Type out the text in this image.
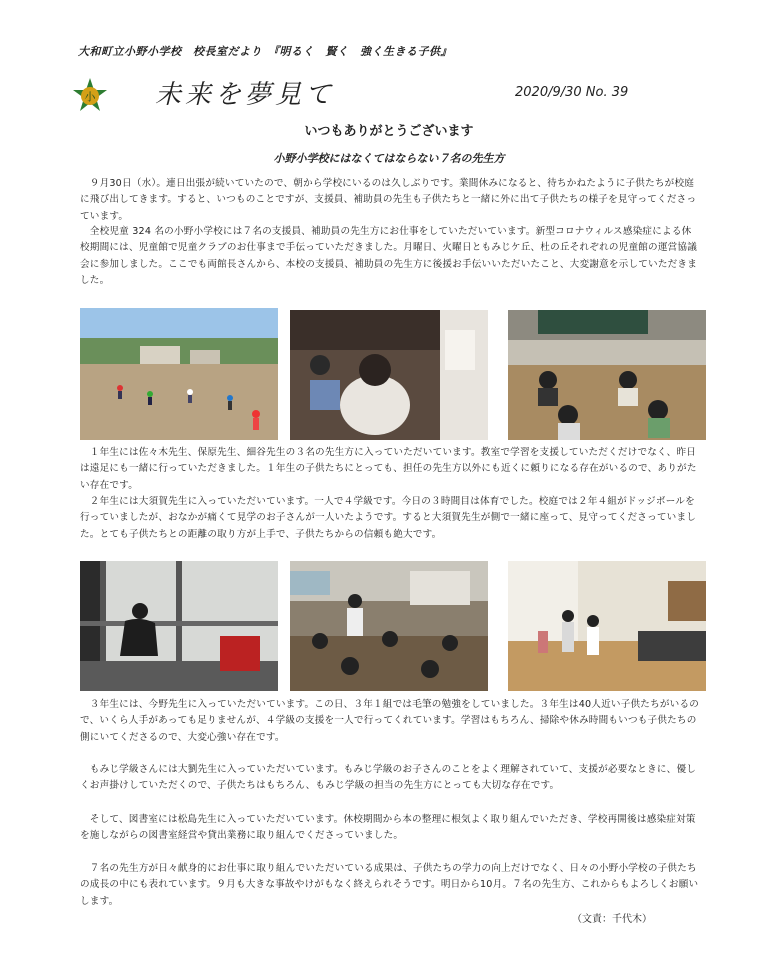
大和町立小野小学校　校長室だより　『明るく　賢く　強く生きる子供』
小 未来を夢見て	2020/9/30 No. 39
いつもありがとうございます
小野小学校にはなくてはならない７名の先生方
　９月30日（水）。連日出張が続いていたので、朝から学校にいるのは久しぶりです。業間休みになると、待ちかねたように子供たちが校庭に飛び出してきます。すると、いつものことですが、支援員、補助員の先生も子供たちと一緒に外に出て子供たちの様子を見守ってくださっています。
　全校児童 324 名の小野小学校には７名の支援員、補助員の先生方にお仕事をしていただいています。新型コロナウィルス感染症による休校期間には、児童館で児童クラブのお仕事まで手伝っていただきました。月曜日、火曜日ともみじケ丘、杜の丘それぞれの児童館の運営協議会に参加しました。ここでも両館長さんから、本校の支援員、補助員の先生方に後援お手伝いいただいたこと、大変謝意を示していただきました。
　１年生には佐々木先生、保原先生、細谷先生の３名の先生方に入っていただいています。教室で学習を支援していただくだけでなく、昨日は遠足にも一緒に行っていただきました。１年生の子供たちにとっても、担任の先生方以外にも近くに頼りになる存在がいるので、ありがたい存在です。
　２年生には大須賀先生に入っていただいています。一人で４学級です。今日の３時間目は体育でした。校庭では２年４組がドッジボールを行っていましたが、おなかが痛くて見学のお子さんが一人いたようです。すると大須賀先生が側で一緒に座って、見守ってくださっていました。とても子供たちとの距離の取り方が上手で、子供たちからの信頼も絶大です。
　３年生には、今野先生に入っていただいています。この日、３年１組では毛筆の勉強をしていました。３年生は40人近い子供たちがいるので、いくら人手があっても足りませんが、４学級の支援を一人で行ってくれています。学習はもちろん、掃除や休み時間もいつも子供たちの側にいてくださるので、大変心強い存在です。
　もみじ学級さんには大劉先生に入っていただいています。もみじ学級のお子さんのことをよく理解されていて、支援が必要なときに、優しくお声掛けしていただくので、子供たちはもちろん、もみじ学級の担当の先生方にとっても大切な存在です。
　そして、図書室には松島先生に入っていただいています。休校期間から本の整理に根気よく取り組んでいただき、学校再開後は感染症対策を施しながらの図書室経営や貸出業務に取り組んでくださっていました。
　７名の先生方が日々献身的にお仕事に取り組んでいただいている成果は、子供たちの学力の向上だけでなく、日々の小野小学校の子供たちの成長の中にも表れています。９月も大きな事故やけがもなく終えられそうです。明日から10月。７名の先生方、これからもよろしくお願いします。
（文責：千代木）
